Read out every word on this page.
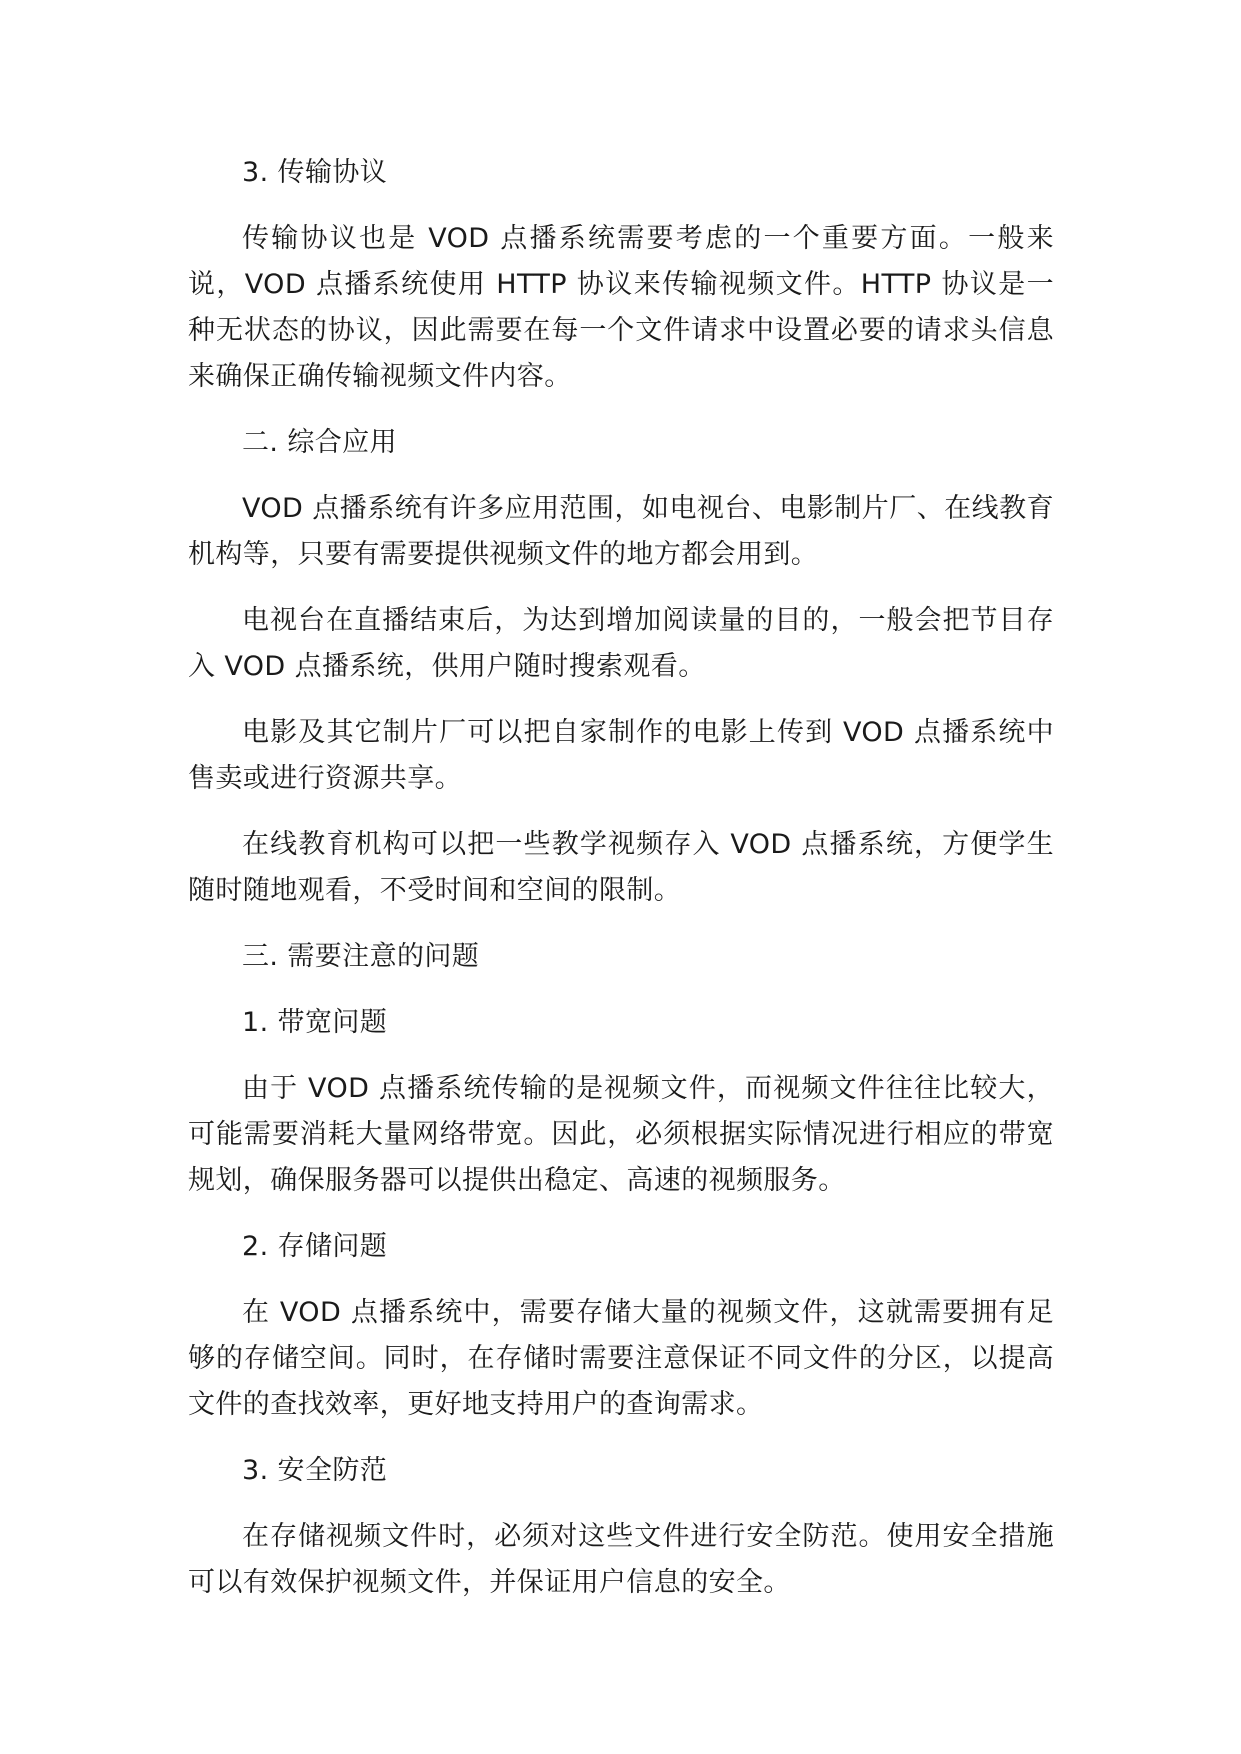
3. 传输协议

传输协议也是 VOD 点播系统需要考虑的一个重要方面。一般来说，VOD 点播系统使用 HTTP 协议来传输视频文件。HTTP 协议是一种无状态的协议，因此需要在每一个文件请求中设置必要的请求头信息来确保正确传输视频文件内容。

二. 综合应用

VOD 点播系统有许多应用范围，如电视台、电影制片厂、在线教育机构等，只要有需要提供视频文件的地方都会用到。

电视台在直播结束后，为达到增加阅读量的目的，一般会把节目存入 VOD 点播系统，供用户随时搜索观看。

电影及其它制片厂可以把自家制作的电影上传到 VOD 点播系统中售卖或进行资源共享。

在线教育机构可以把一些教学视频存入 VOD 点播系统，方便学生随时随地观看，不受时间和空间的限制。

三. 需要注意的问题

1. 带宽问题

由于 VOD 点播系统传输的是视频文件，而视频文件往往比较大，可能需要消耗大量网络带宽。因此，必须根据实际情况进行相应的带宽规划，确保服务器可以提供出稳定、高速的视频服务。

2. 存储问题

在 VOD 点播系统中，需要存储大量的视频文件，这就需要拥有足够的存储空间。同时，在存储时需要注意保证不同文件的分区，以提高文件的查找效率，更好地支持用户的查询需求。

3. 安全防范

在存储视频文件时，必须对这些文件进行安全防范。使用安全措施可以有效保护视频文件，并保证用户信息的安全。
